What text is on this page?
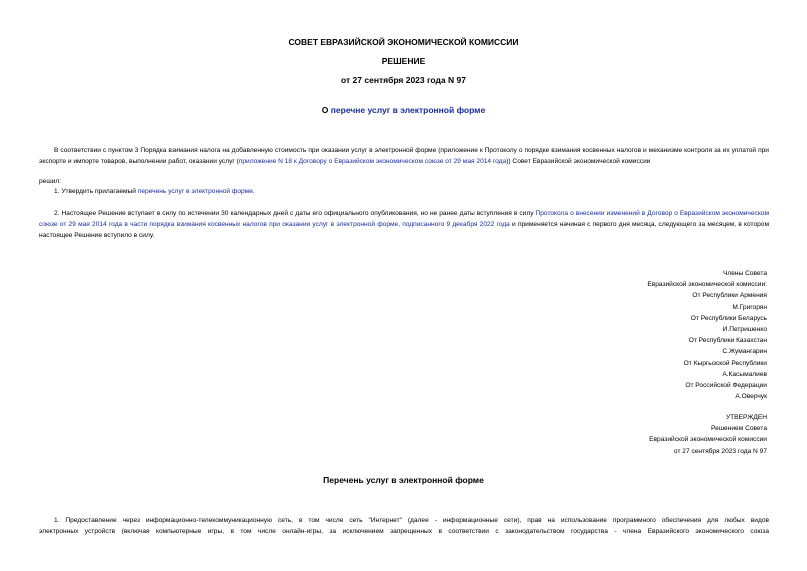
СОВЕТ ЕВРАЗИЙСКОЙ ЭКОНОМИЧЕСКОЙ КОМИССИИ
РЕШЕНИЕ
от 27 сентября 2023 года N 97
О перечне услуг в электронной форме
В соответствии с пунктом 3 Порядка взимания налога на добавленную стоимость при оказании услуг в электронной форме (приложение к Протоколу о порядке взимания косвенных налогов и механизме контроля за их уплатой при экспорте и импорте товаров, выполнении работ, оказании услуг (приложение N 18 к Договору о Евразийском экономическом союзе от 29 мая 2014 года)) Совет Евразийской экономической комиссии
решил:
1. Утвердить прилагаемый перечень услуг в электронной форме.
2. Настоящее Решение вступает в силу по истечении 30 календарных дней с даты его официального опубликования, но не ранее даты вступления в силу Протокола о внесении изменений в Договор о Евразийском экономическом союзе от 29 мая 2014 года в части порядка взимания косвенных налогов при оказании услуг в электронной форме, подписанного 9 декабря 2022 года и применяется начиная с первого дня месяца, следующего за месяцем, в котором настоящее Решение вступило в силу.
Члены Совета
Евразийской экономической комиссии:
От Республики Армения
М.Григорян
От Республики Беларусь
И.Петришенко
От Республики Казахстан
С.Жумангарин
От Кыргызской Республики
А.Касымалиев
От Российской Федерации
А.Оверчук
УТВЕРЖДЕН
Решением Совета
Евразийской экономической комиссии
от 27 сентября 2023 года N 97
Перечень услуг в электронной форме
1. Предоставление через информационно-телекоммуникационную сеть, в том числе сеть "Интернет" (далее - информационные сети), прав на использование программного обеспечения для любых видов
электронных устройств (включая компьютерные игры, в том числе онлайн-игры, за исключением запрещенных в соответствии с законодательством государства - члена Евразийского экономического союза
